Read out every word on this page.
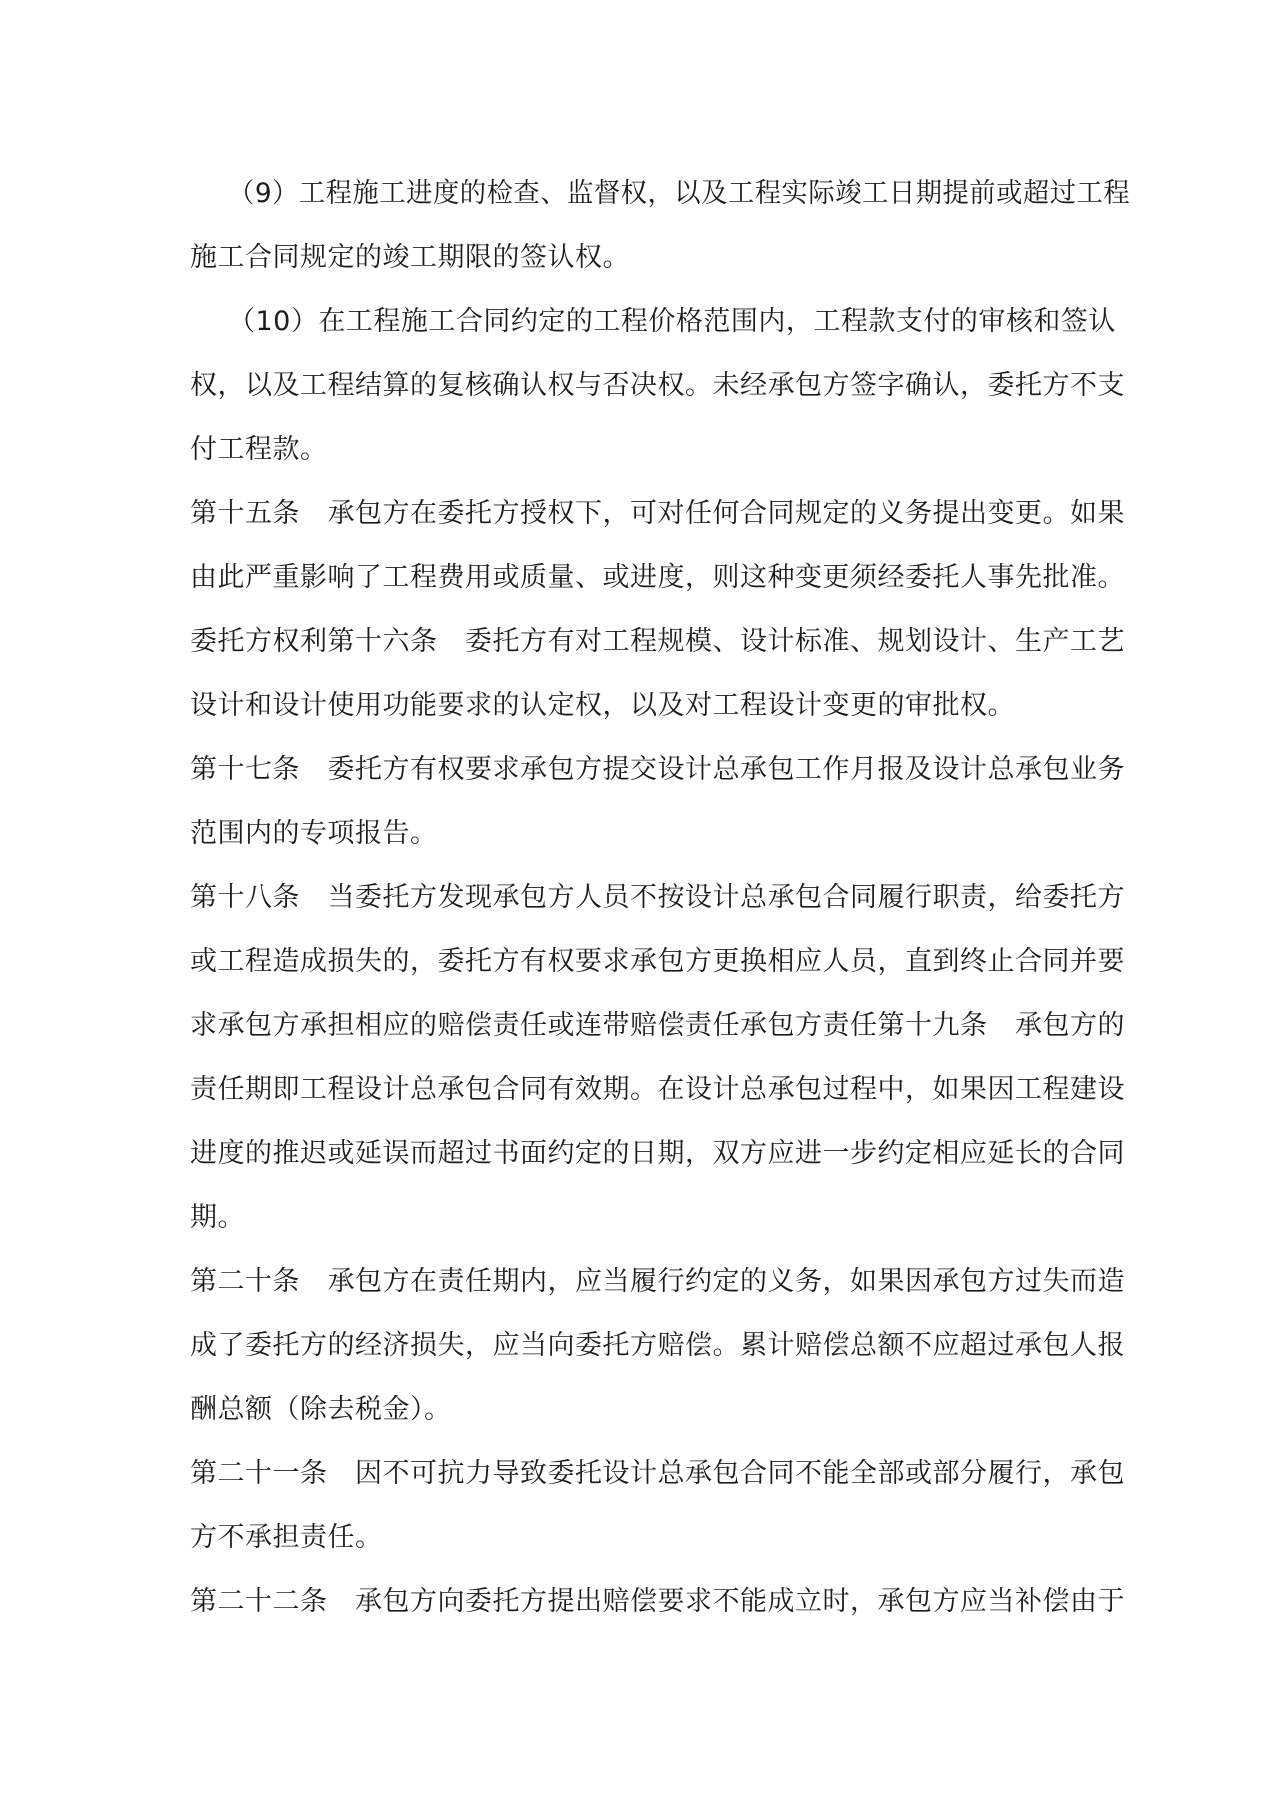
（9）工程施工进度的检查、监督权，以及工程实际竣工日期提前或超过工程
施工合同规定的竣工期限的签认权。
（10）在工程施工合同约定的工程价格范围内，工程款支付的审核和签认
权，以及工程结算的复核确认权与否决权。未经承包方签字确认，委托方不支
付工程款。
第十五条　承包方在委托方授权下，可对任何合同规定的义务提出变更。如果
由此严重影响了工程费用或质量、或进度，则这种变更须经委托人事先批准。
委托方权利第十六条　委托方有对工程规模、设计标准、规划设计、生产工艺
设计和设计使用功能要求的认定权，以及对工程设计变更的审批权。
第十七条　委托方有权要求承包方提交设计总承包工作月报及设计总承包业务
范围内的专项报告。
第十八条　当委托方发现承包方人员不按设计总承包合同履行职责，给委托方
或工程造成损失的，委托方有权要求承包方更换相应人员，直到终止合同并要
求承包方承担相应的赔偿责任或连带赔偿责任承包方责任第十九条　承包方的
责任期即工程设计总承包合同有效期。在设计总承包过程中，如果因工程建设
进度的推迟或延误而超过书面约定的日期，双方应进一步约定相应延长的合同
期。
第二十条　承包方在责任期内，应当履行约定的义务，如果因承包方过失而造
成了委托方的经济损失，应当向委托方赔偿。累计赔偿总额不应超过承包人报
酬总额（除去税金）。
第二十一条　因不可抗力导致委托设计总承包合同不能全部或部分履行，承包
方不承担责任。
第二十二条　承包方向委托方提出赔偿要求不能成立时，承包方应当补偿由于
